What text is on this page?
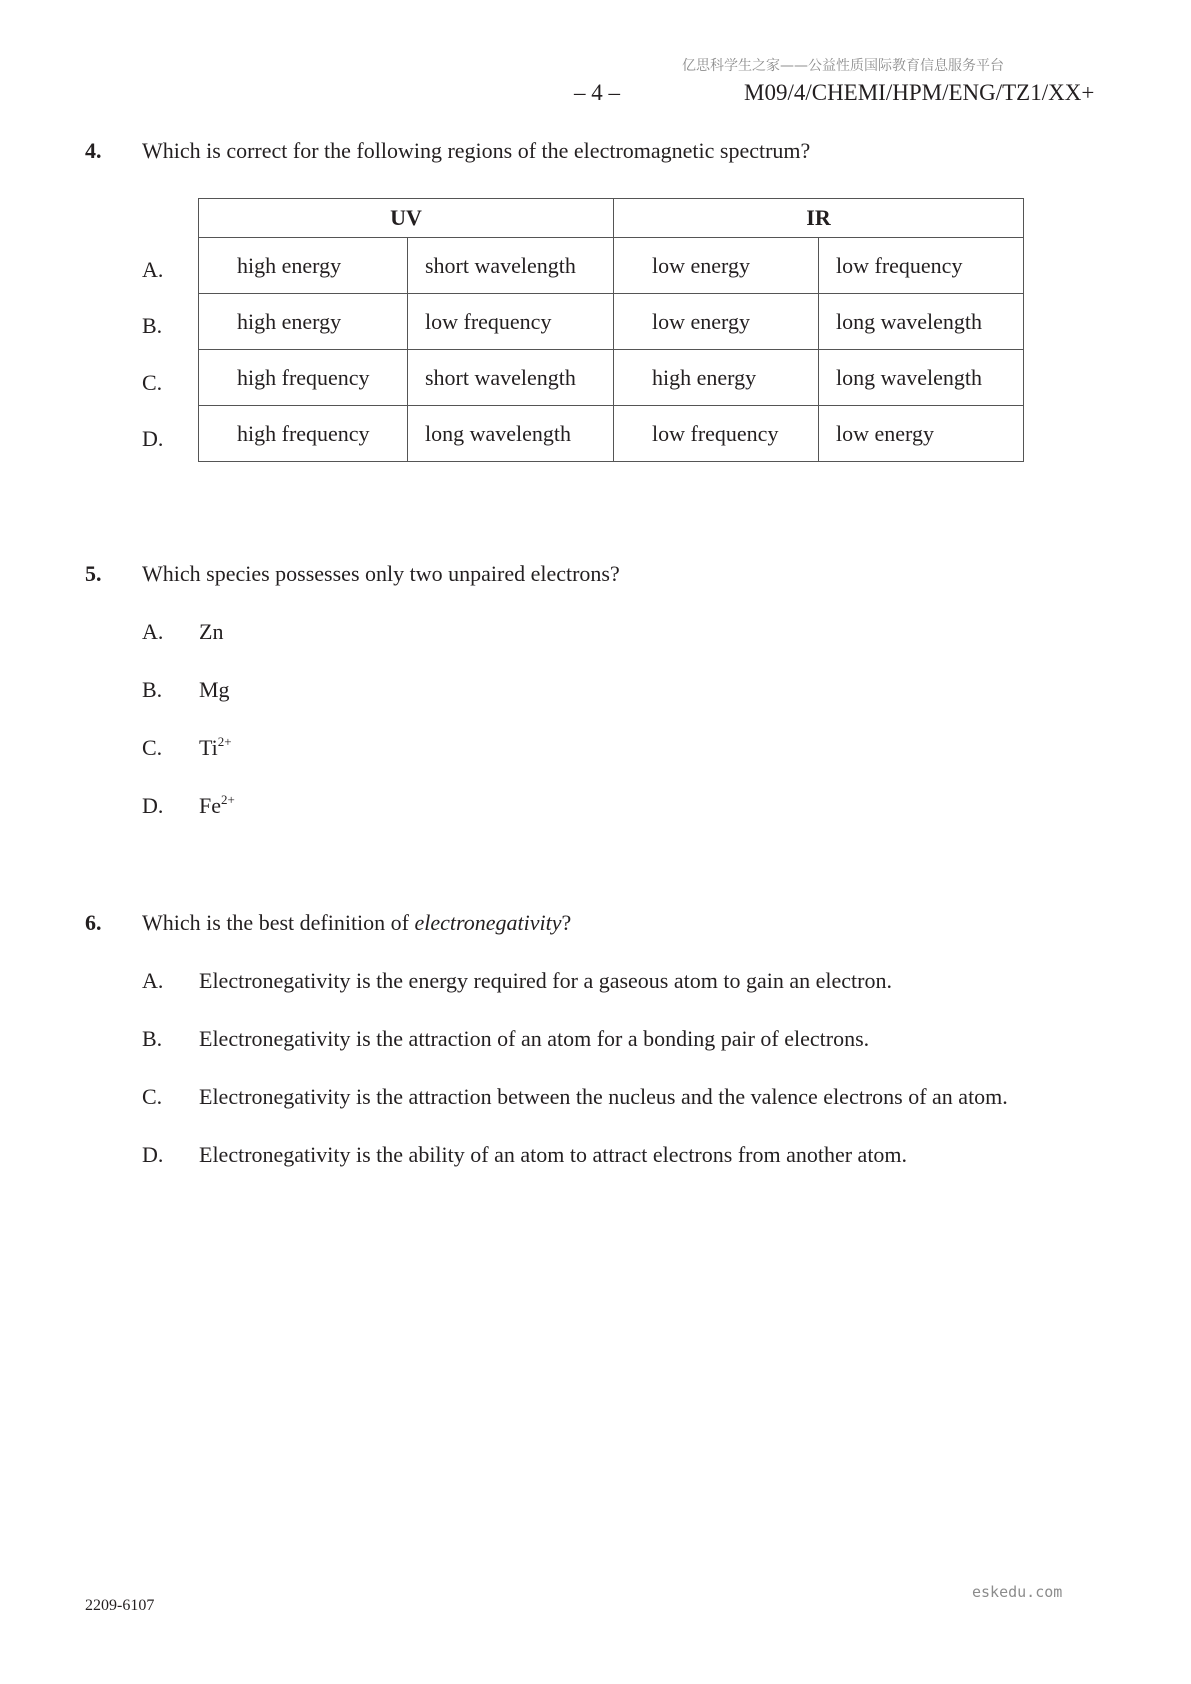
亿思科学生之家——公益性质国际教育信息服务平台
– 4 –	M09/4/CHEMI/HPM/ENG/TZ1/XX+
4. Which is correct for the following regions of the electromagnetic spectrum?
A.
B.
C.
D.
UV		IR	
high energy	short wavelength	low energy	low frequency
high energy	low frequency	low energy	long wavelength
high frequency	short wavelength	high energy	long wavelength
high frequency	long wavelength	low frequency	low energy
5. Which species possesses only two unpaired electrons?
A. Zn
B. Mg
C. $Ti^{2+}$
D. $Fe^{2+}$
6. Which is the best definition of electronegativity?
A. Electronegativity is the energy required for a gaseous atom to gain an electron.
B. Electronegativity is the attraction of an atom for a bonding pair of electrons.
C. Electronegativity is the attraction between the nucleus and the valence electrons of an atom.
D. Electronegativity is the ability of an atom to attract electrons from another atom.
eskedu.com
2209-6107
